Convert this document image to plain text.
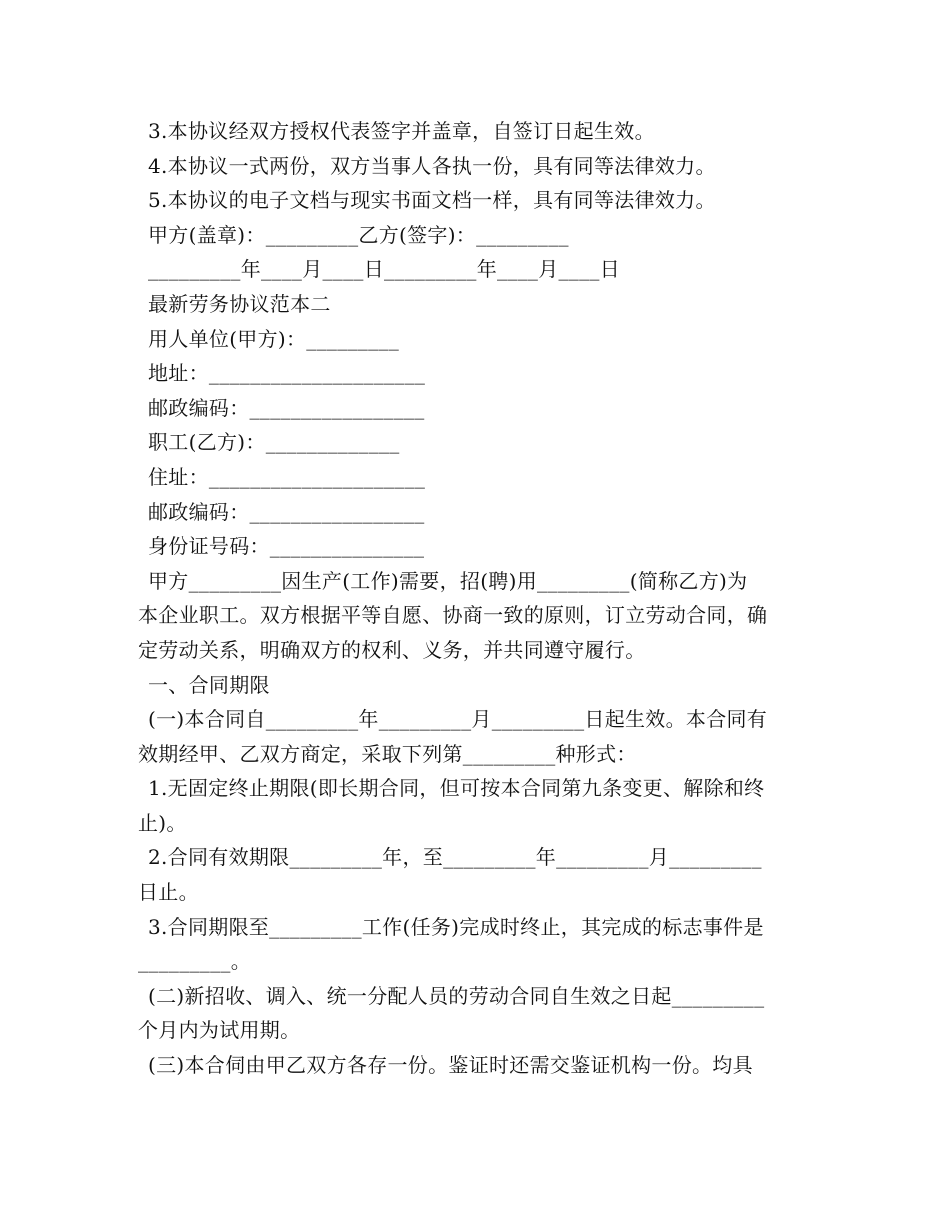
3.本协议经双方授权代表签字并盖章，自签订日起生效。

4.本协议一式两份，双方当事人各执一份，具有同等法律效力。

5.本协议的电子文档与现实书面文档一样，具有同等法律效力。

甲方(盖章)：_________乙方(签字)：_________

_________年____月____日_________年____月____日

最新劳务协议范本二

用人单位(甲方)：_________

地址：_____________________

邮政编码：_________________

职工(乙方)：_____________

住址：_____________________

邮政编码：_________________

身份证号码：_______________

甲方_________因生产(工作)需要，招(聘)用_________(简称乙方)为

本企业职工。双方根据平等自愿、协商一致的原则，订立劳动合同，确

定劳动关系，明确双方的权利、义务，并共同遵守履行。

一、合同期限

(一)本合同自_________年_________月_________日起生效。本合同有

效期经甲、乙双方商定，采取下列第_________种形式：

1.无固定终止期限(即长期合同，但可按本合同第九条变更、解除和终

止)。

2.合同有效期限_________年，至_________年_________月_________

日止。

3.合同期限至_________工作(任务)完成时终止，其完成的标志事件是

_________。

(二)新招收、调入、统一分配人员的劳动合同自生效之日起_________

个月内为试用期。

(三)本合伺由甲乙双方各存一份。鉴证时还需交鉴证机构一份。均具
